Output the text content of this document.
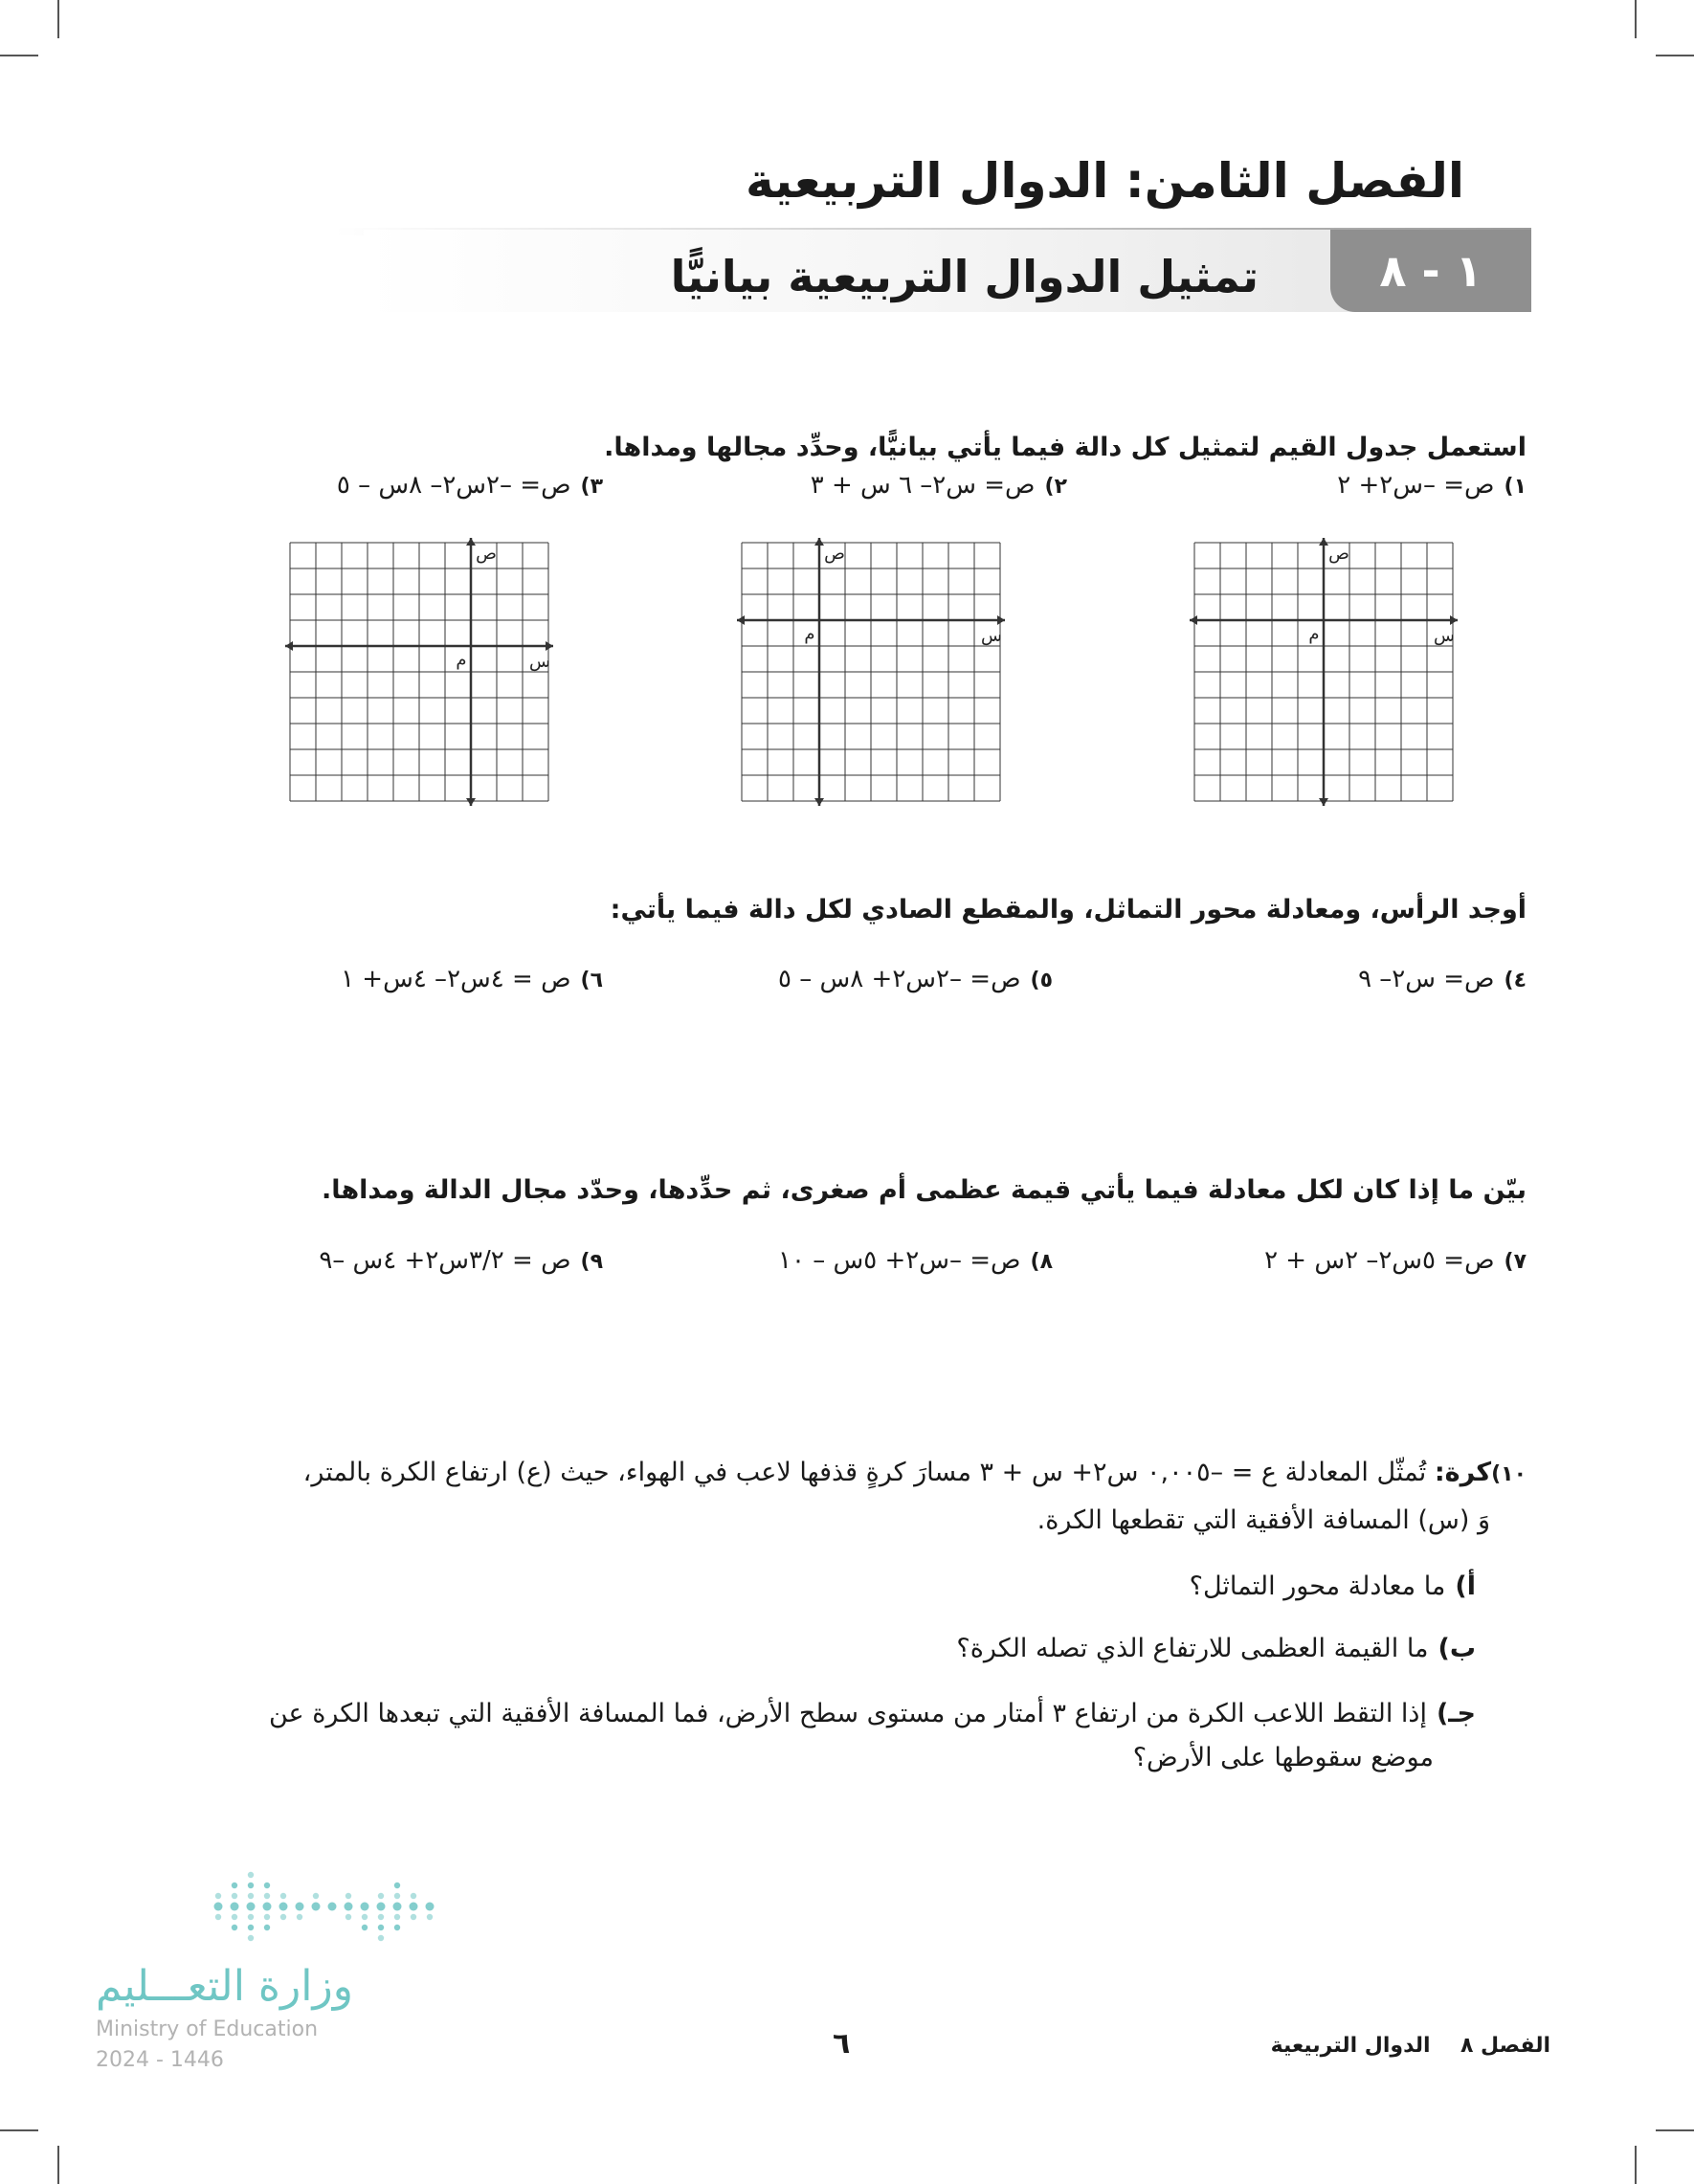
الفصل الثامن: الدوال التربيعية
١ - ٨
تمثيل الدوال التربيعية بيانيًّا
استعمل جدول القيم لتمثيل كل دالة فيما يأتي بيانيًّا، وحدِّد مجالها ومداها.
١)
ص= –س٢+ ٢
٢)
ص= س٢– ٦ س + ٣
٣)
ص= –٢س٢– ٨س – ٥
ص
س
م
ص
س
م
ص
س
م
أوجد الرأس، ومعادلة محور التماثل، والمقطع الصادي لكل دالة فيما يأتي:
٤)
ص= س٢– ٩
٥)
ص= –٢س٢+ ٨س – ٥
٦)
ص = ٤س٢– ٤س+ ١
بيّن ما إذا كان لكل معادلة فيما يأتي قيمة عظمى أم صغرى، ثم حدِّدها، وحدّد مجال الدالة ومداها.
٧)
ص= ٥س٢– ٢س + ٢
٨)
ص= –س٢+ ٥س – ١٠
٩)
ص = ٣/٢س٢+ ٤س –٩
١٠)كرة: تُمثّل المعادلة ع = –٠,٠٠٥ س٢+ س + ٣ مسارَ كرةٍ قذفها لاعب في الهواء، حيث (ع) ارتفاع الكرة بالمتر،
وَ (س) المسافة الأفقية التي تقطعها الكرة.
أ)ما معادلة محور التماثل؟
ب)ما القيمة العظمى للارتفاع الذي تصله الكرة؟
جـ)إذا التقط اللاعب الكرة من ارتفاع ٣ أمتار من مستوى سطح الأرض، فما المسافة الأفقية التي تبعدها الكرة عن
موضع سقوطها على الأرض؟
وزارة التعـــليم
Ministry of Education
2024 - 1446	٦	الفصل ٨  الدوال التربيعية
